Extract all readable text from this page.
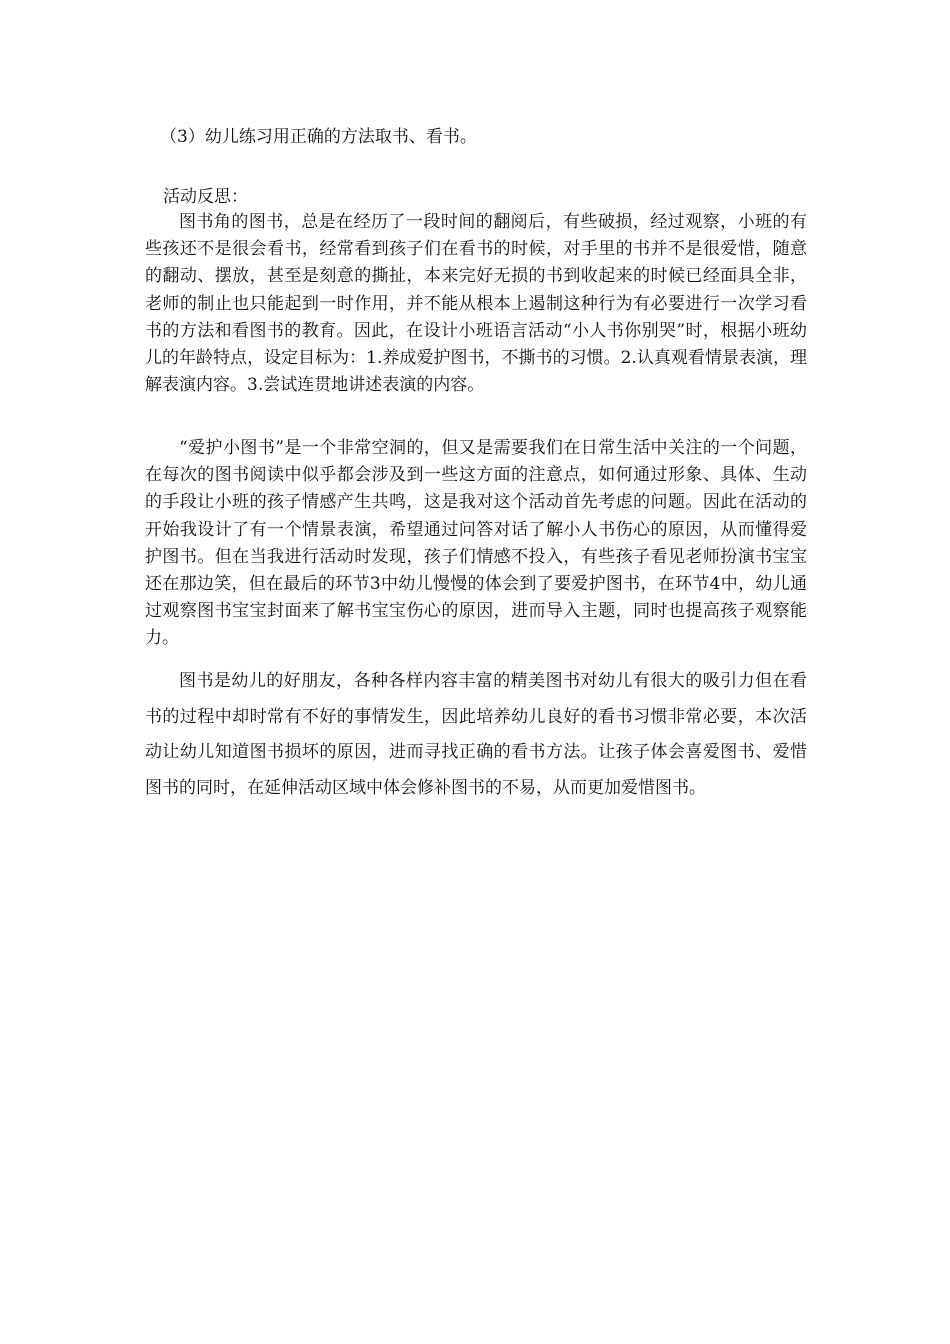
（3）幼儿练习用正确的方法取书、看书。
活动反思：

图书角的图书，总是在经历了一段时间的翻阅后，有些破损，经过观察，小班的有些孩还不是很会看书，经常看到孩子们在看书的时候，对手里的书并不是很爱惜，随意的翻动、摆放，甚至是刻意的撕扯，本来完好无损的书到收起来的时候已经面具全非，老师的制止也只能起到一时作用，并不能从根本上遏制这种行为有必要进行一次学习看书的方法和看图书的教育。因此，在设计小班语言活动“小人书你别哭”时，根据小班幼儿的年龄特点，设定目标为：1.养成爱护图书，不撕书的习惯。2.认真观看情景表演，理解表演内容。3.尝试连贯地讲述表演的内容。

“爱护小图书”是一个非常空洞的，但又是需要我们在日常生活中关注的一个问题，在每次的图书阅读中似乎都会涉及到一些这方面的注意点，如何通过形象、具体、生动的手段让小班的孩子情感产生共鸣，这是我对这个活动首先考虑的问题。因此在活动的开始我设计了有一个情景表演，希望通过问答对话了解小人书伤心的原因，从而懂得爱护图书。但在当我进行活动时发现，孩子们情感不投入，有些孩子看见老师扮演书宝宝还在那边笑，但在最后的环节3中幼儿慢慢的体会到了要爱护图书，在环节4中，幼儿通过观察图书宝宝封面来了解书宝宝伤心的原因，进而导入主题，同时也提高孩子观察能力。

图书是幼儿的好朋友，各种各样内容丰富的精美图书对幼儿有很大的吸引力但在看书的过程中却时常有不好的事情发生，因此培养幼儿良好的看书习惯非常必要，本次活动让幼儿知道图书损坏的原因，进而寻找正确的看书方法。让孩子体会喜爱图书、爱惜图书的同时，在延伸活动区域中体会修补图书的不易，从而更加爱惜图书。
